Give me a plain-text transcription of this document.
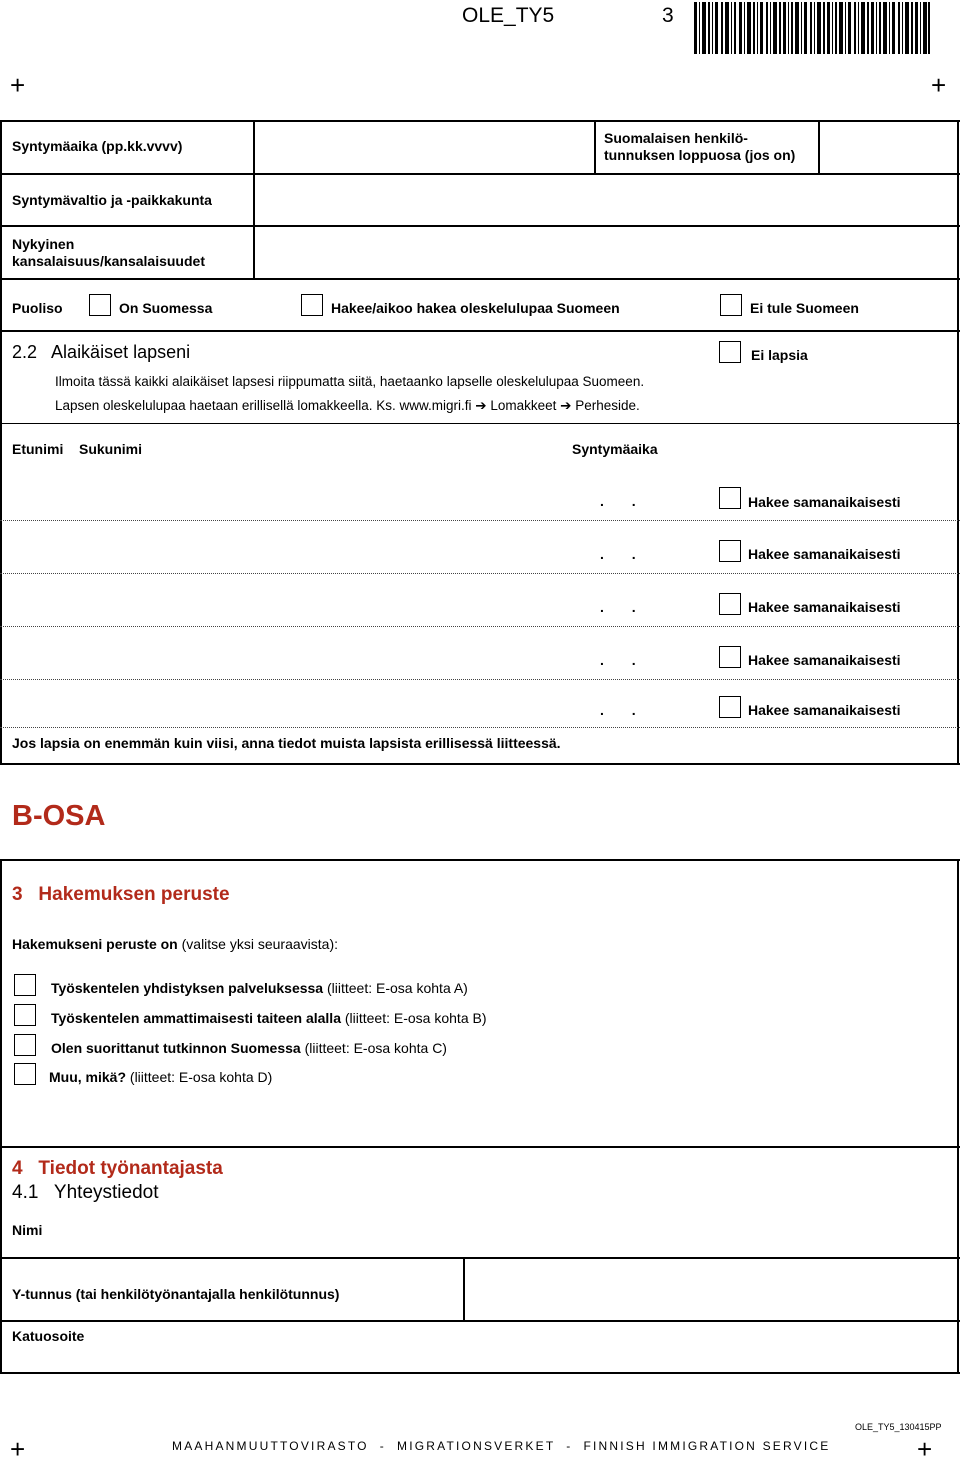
OLE_TY5	3
+	+
Syntymäaika (pp.kk.vvvv)	Suomalaisen henkilö-
tunnuksen loppuosa (jos on)
Syntymävaltio ja -paikkakunta
Nykyinen
kansalaisuus/kansalaisuudet
Puoliso	On Suomessa	Hakee/aikoo hakea oleskelulupaa Suomeen	Ei tule Suomeen
2.2 Alaikäiset lapseni	Ei lapsia
Ilmoita tässä kaikki alaikäiset lapsesi riippumatta siitä, haetaanko lapselle oleskelulupaa Suomeen.
Lapsen oleskelulupaa haetaan erillisellä lomakkeella. Ks. www.migri.fi ➔ Lomakkeet ➔ Perheside.
Etunimi Sukunimi	Syntymäaika
. .	Hakee samanaikaisesti
. .	Hakee samanaikaisesti
. .	Hakee samanaikaisesti
. .	Hakee samanaikaisesti
. .	Hakee samanaikaisesti
Jos lapsia on enemmän kuin viisi, anna tiedot muista lapsista erillisessä liitteessä.
B-OSA
3 Hakemuksen peruste
Hakemukseni peruste on (valitse yksi seuraavista):
Työskentelen yhdistyksen palveluksessa (liitteet: E-osa kohta A)
Työskentelen ammattimaisesti taiteen alalla (liitteet: E-osa kohta B)
Olen suorittanut tutkinnon Suomessa (liitteet: E-osa kohta C)
Muu, mikä? (liitteet: E-osa kohta D)
4 Tiedot työnantajasta
4.1 Yhteystiedot
Nimi
Y-tunnus (tai henkilötyönantajalla henkilötunnus)
Katuosoite
OLE_TY5_130415PP
+	MAAHANMUUTTOVIRASTO  -  MIGRATIONSVERKET  -  FINNISH IMMIGRATION SERVICE	+
